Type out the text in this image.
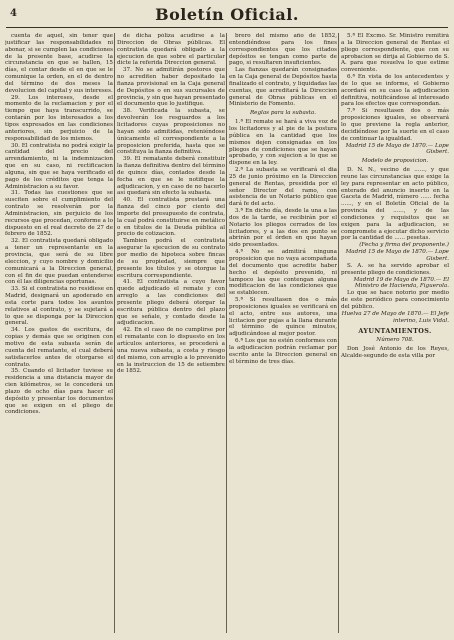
4	Boletín Oficial.

cuenta de aquel, sin tener que justificar las responsabilidades ni abonar, si se cumplen las condiciones de la presente base, acudirse la circunstancia en que se hallen, 15 días, el contar desde el en que se le comunique la orden, en el de dentro del término de dos meses la devolucion del capital y sus intereses.

29. Los intereses, desde el momento de la reclamacion y por el tiempo que haya transcurrido, se contarán por los interesados a los tipos expresados en las condiciones anteriores, sin perjuicio de la responsabilidad de los mismos.

30. El contratista no podrá exigir la cantidad del precio del arrendamiento, ni la indemnizacion que en su caso, ni rectificacion alguna, sin que se haya verificado el pago de los créditos que tenga la Administracion a su favor.

31. Todas las cuestiones que se susciten sobre el cumplimiento del contrato se resolverán por la Administracion, sin perjuicio de los recursos que procedan, conforme a lo dispuesto en el real decreto de 27 de febrero de 1852.

32. El contratista quedará obligado a tener un representante en la provincia, que será de su libre eleccion, y cuyo nombre y domicilio comunicará a la Direccion general, con el fin de que puedan entenderse con él las diligencias oportunas.

33. Si el contratista no residiese en Madrid, designará un apoderado en esta corte para todos los asuntos relativos al contrato, y se sujetará a lo que se disponga por la Direccion general.

34. Los gastos de escritura, de copias y demás que se originen con motivo de esta subasta serán de cuenta del rematante, el cual deberá satisfacerlos antes de otorgarse el contrato.

35. Cuando el licitador tuviese su residencia a una distancia mayor de cien kilómetros, se le concederá un plazo de ocho días para hacer el depósito y presentar los documentos que se exigen en el pliego de condiciones.

de dicha póliza acudirse a la Direccion de Obras públicas. El contratista quedará obligado a la ejecucion de que sobre el particular dicte la referida Direccion general.

37. No se admitirán postores que no acrediten haber depositado la fianza provisional en la Caja general de Depósitos o en sus sucursales de provincia, y sin que hayan presentado el documento que lo justifique.

38. Verificada la subasta, se devolverán los resguardos a los licitadores cuyas proposiciones no hayan sido admitidas, reteniéndose únicamente el correspondiente a la proposicion preferida, hasta que se constituya la fianza definitiva.

39. El rematante deberá constituir la fianza definitiva dentro del término de quince días, contados desde la fecha en que se le notifique la adjudicacion, y en caso de no hacerlo así quedará sin efecto la subasta.

40. El contratista prestará una fianza del cinco por ciento del importe del presupuesto de contrata, la cual podrá constituirse en metálico o en títulos de la Deuda pública al precio de cotizacion.

Tambien podrá el contratista asegurar la ejecucion de su contrato por medio de hipoteca sobre fincas de su propiedad, siempre que presente los títulos y se otorgue la escritura correspondiente.

41. El contratista a cuyo favor quede adjudicado el remate y con arreglo a las condiciones del presente pliego deberá otorgar la escritura pública dentro del plazo que se señale, y contado desde la adjudicacion.

42. En el caso de no cumplirse por el rematante con lo dispuesto en los artículos anteriores, se procederá a una nueva subasta, a costa y riesgo del mismo, con arreglo a lo prevenido en la instruccion de 15 de setiembre de 1852.

brero del mismo año de 1852, entendiéndose para los fines correspondientes que los citados depósitos se tengan como parte de pago, si resultaren insuficientes.

Las fianzas quedarán consignadas en la Caja general de Depósitos hasta finalizado el contrato, y liquidadas las cuentas, que acreditará la Direccion general de Obras públicas en el Ministerio de Fomento.

Reglas para la subasta.

1.ª El remate se hará a viva voz de los licitadores y al pie de la postura pública en la cantidad que los mismos dejen consignadas en los pliegos de condiciones que se hayan aprobado, y con sujecion a lo que se dispone en la ley.

2.ª La subasta se verificará el dia 25 de junio próximo en la Direccion general de Rentas, presidida por el señor Director del ramo, con asistencia de un Notario público que dará fe del acto.

3.ª En dicho día, desde la una a las dos de la tarde, se recibirán por el Notario los pliegos cerrados de los licitadores, y a las dos en punto se abrirán por el órden en que hayan sido presentados.

4.ª No se admitirá ninguna proposicion que no vaya acompañada del documento que acredite haber hecho el depósito prevenido, ni tampoco las que contengan alguna modificacion de las condiciones que se establecen.

5.ª Si resultasen dos o más proposiciones iguales se verificará en el acto, entre sus autores, una licitacion por pujas a la llana durante el término de quince minutos, adjudicándose al mejor postor.

6.ª Los que no estén conformes con la adjudicacion podrán reclamar por escrito ante la Direccion general en el término de tres días.

5.ª El Excmo. Sr. Ministro remitirá a la Direccion general de Rentas el pliego correspondiente, que con su aprobacion se dirija al Gobierno de S. A. para que resuelva lo que estime conveniente.

6.ª En vista de los antecedentes y de lo que se informe, el Gobierno acordará en su caso la adjudicacion definitiva, notificándose al interesado para los efectos que correspondan.

7.ª Si resultasen dos o más proposiciones iguales, se observará lo que previene la regla anterior, decidiéndose por la suerte en el caso de continuar la igualdad.

Madrid 15 de Mayo de 1870.— Lope Gisbert.

Modelo de proposicion.

D. N. N., vecino de ......, y que reune las circunstancias que exige la ley para representar en acto público, enterado del anuncio inserto en la Gaceta de Madrid, número ...... fecha ......, y en el Boletín Oficial de la provincia del ......, y de las condiciones y requisitos que se exigen para la adjudicacion, se compromete a ejecutar dicho servicio por la cantidad de ...... pesetas.

(Fecha y firma del proponente.)

Madrid 15 de Mayo de 1870.— Lope Gisbert.

S. A. se ha servido aprobar el presente pliego de condiciones.

Madrid 19 de Mayo de 1870.— El Ministro de Hacienda, Figuerola.

Lo que se hace notorio por medio de este periódico para conocimiento del público.

Huelva 27 de Mayo de 1870.— El Jefe interino, Luis Vidal.

AYUNTAMIENTOS.

Número 708.

Don José Antonio de los Reyes, Alcalde-segundo de esta villa por
